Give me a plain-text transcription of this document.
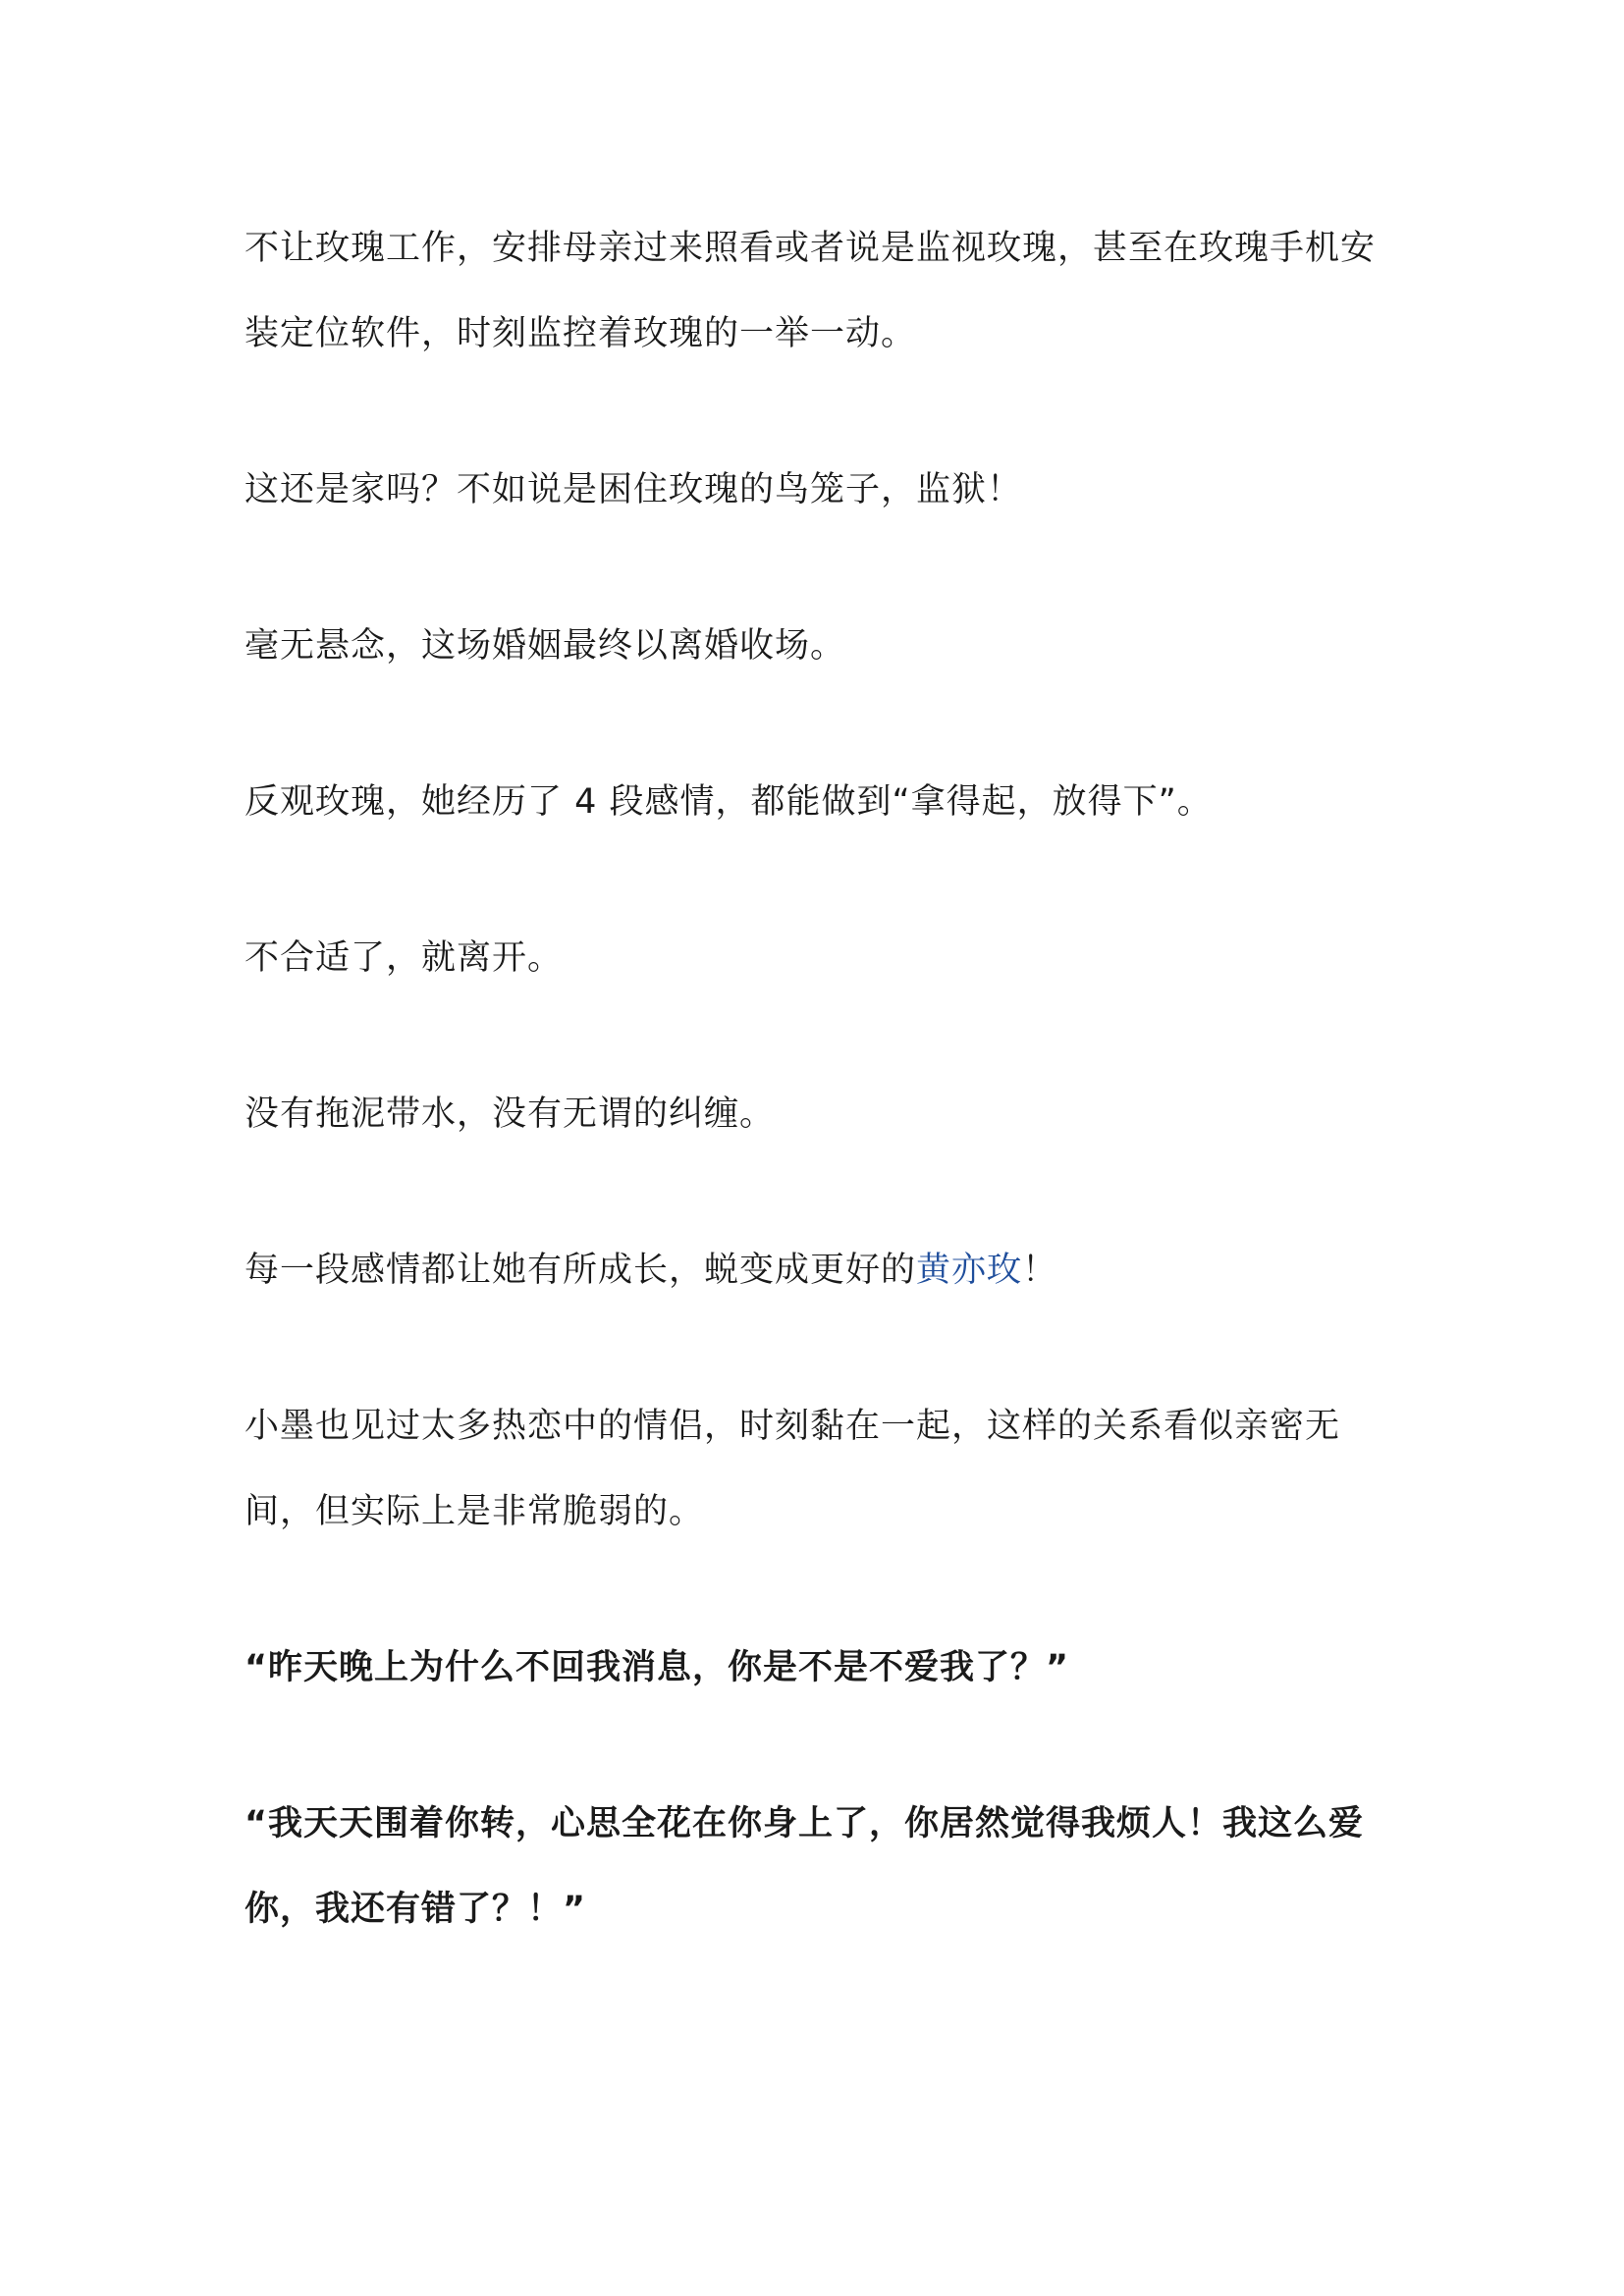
不让玫瑰工作，安排母亲过来照看或者说是监视玫瑰，甚至在玫瑰手机安装定位软件，时刻监控着玫瑰的一举一动。

这还是家吗？不如说是困住玫瑰的鸟笼子，监狱！

毫无悬念，这场婚姻最终以离婚收场。

反观玫瑰，她经历了 4 段感情，都能做到“拿得起，放得下”。

不合适了，就离开。

没有拖泥带水，没有无谓的纠缠。

每一段感情都让她有所成长，蜕变成更好的黄亦玫！

小墨也见过太多热恋中的情侣，时刻黏在一起，这样的关系看似亲密无间，但实际上是非常脆弱的。

“昨天晚上为什么不回我消息，你是不是不爱我了？”

“我天天围着你转，心思全花在你身上了，你居然觉得我烦人！我这么爱你，我还有错了？！”
